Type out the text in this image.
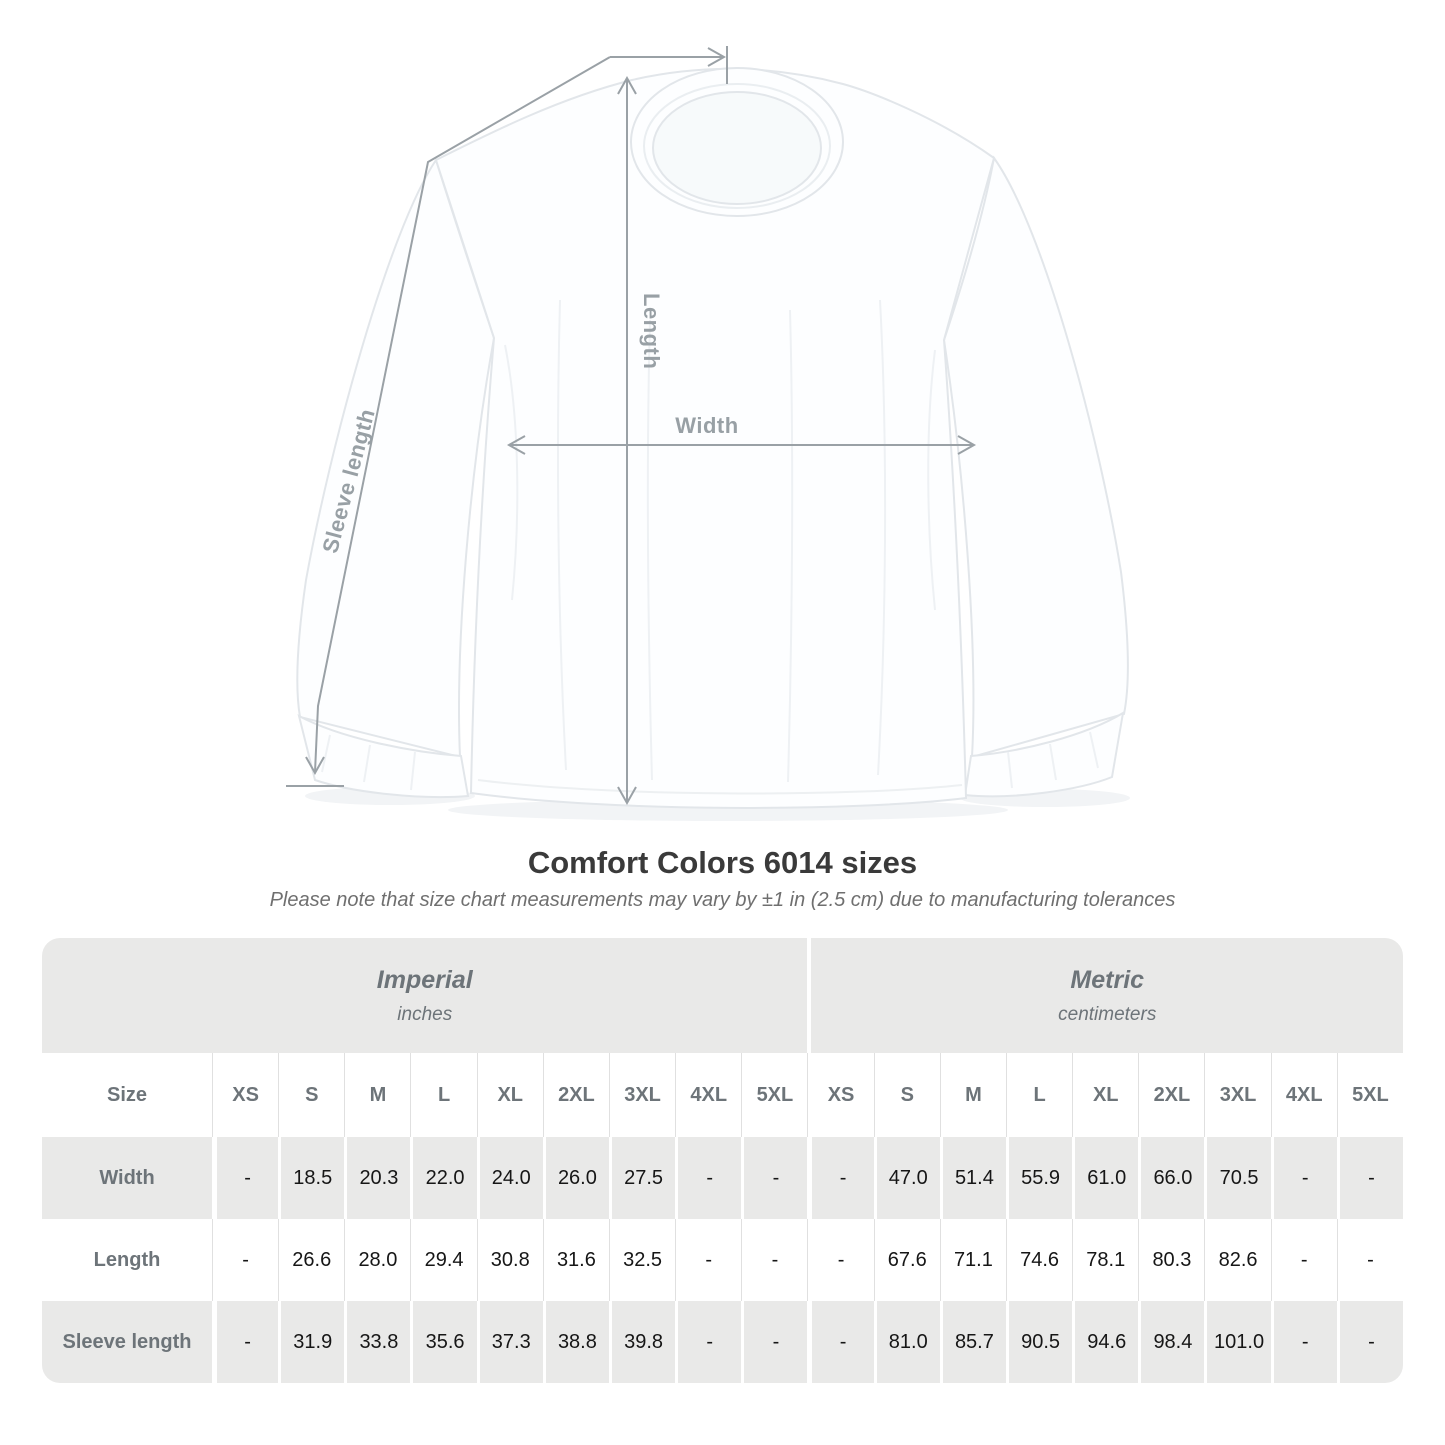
Length
Width
Sleeve length
Comfort Colors 6014 sizes
Please note that size chart measurements may vary by ±1 in (2.5 cm) due to manufacturing tolerances
Imperial
inches
Metric
centimeters
Size	XS	S	M	L	XL	2XL	3XL	4XL	5XL	XS	S	M	L	XL	2XL	3XL	4XL	5XL
Width	-	18.5	20.3	22.0	24.0	26.0	27.5	-	-	-	47.0	51.4	55.9	61.0	66.0	70.5	-	-
Length	-	26.6	28.0	29.4	30.8	31.6	32.5	-	-	-	67.6	71.1	74.6	78.1	80.3	82.6	-	-
Sleeve length	-	31.9	33.8	35.6	37.3	38.8	39.8	-	-	-	81.0	85.7	90.5	94.6	98.4	101.0	-	-
